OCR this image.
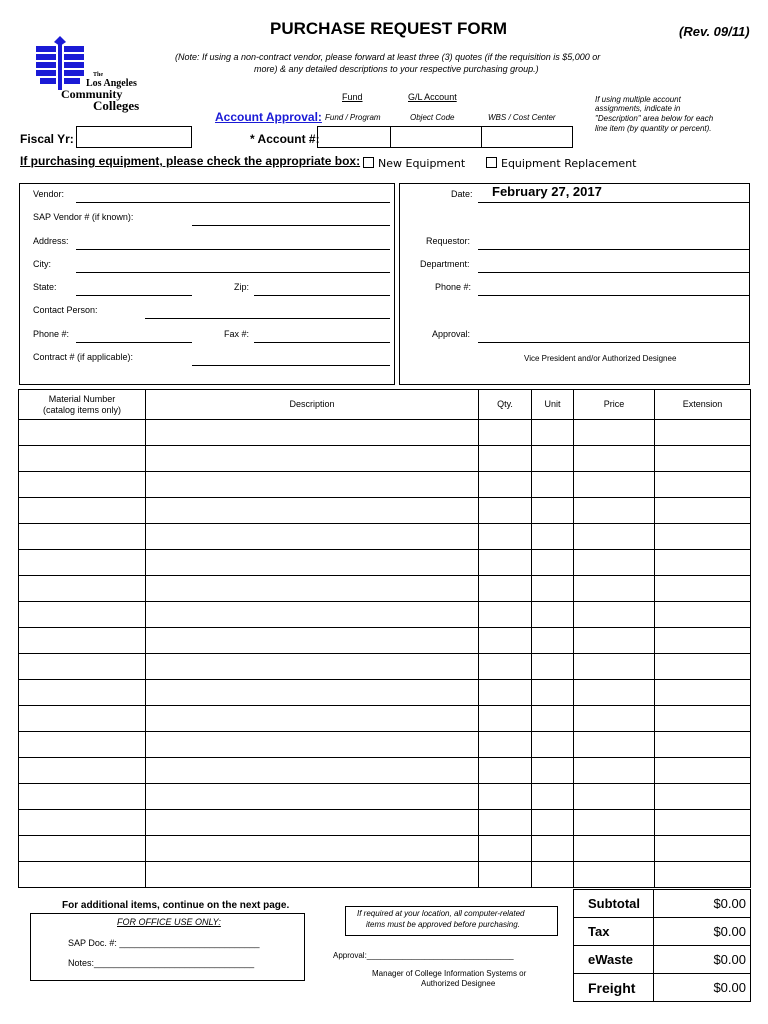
PURCHASE REQUEST FORM	(Rev. 09/11)
(Note: If using a non-contract vendor, please forward at least three (3) quotes (if the requisition is $5,000 or
more) & any detailed descriptions to your respective purchasing group.)
The
Los Angeles
Community
Colleges
Fund	G/L Account
Account Approval: Fund / Program	Object Code	WBS / Cost Center
If using multiple account
assignments, indicate in
"Description" area below for each
line item (by quantity or percent).
Fiscal Yr:	* Account #:
If purchasing equipment, please check the appropriate box: New Equipment	Equipment Replacement
Vendor:
SAP Vendor # (if known):
Address:
City:
State:	Zip:
Contact Person:
Phone #:	Fax #:
Contract # (if applicable):
Date: February 27, 2017
Requestor:
Department:
Phone #:
Approval:
Vice President and/or Authorized Designee
Material Number
(catalog items only)	Description	Qty.	Unit	Price	Extension

For additional items, continue on the next page.
FOR OFFICE USE ONLY:
SAP Doc. #: ____________________________
Notes:________________________________
If required at your location, all computer-related
items must be approved before purchasing.
Approval:_________________________________
Manager of College Information Systems or
Authorized Designee
Subtotal	$0.00
Tax	$0.00
eWaste	$0.00
Freight	$0.00
